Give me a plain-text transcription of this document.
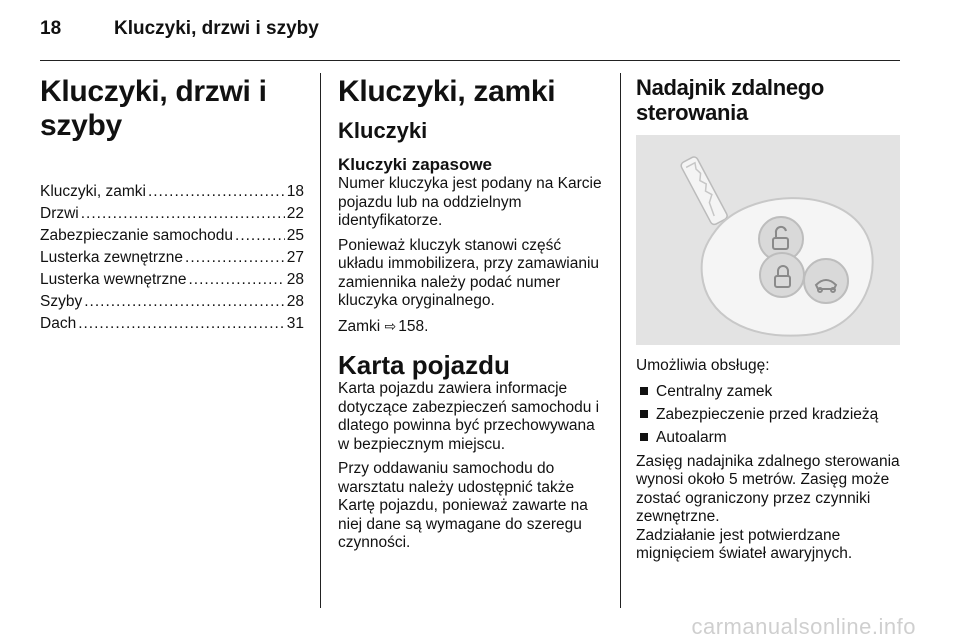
18	Kluczyki, drzwi i szyby
Kluczyki, drzwi i szyby
Kluczyki, zamki .....	18
Drzwi .....	22
Zabezpieczanie samochodu .....	25
Lusterka zewnętrzne .....	27
Lusterka wewnętrzne .....	28
Szyby .....	28
Dach .....	31
Kluczyki, zamki
Kluczyki
Kluczyki zapasowe

Numer kluczyka jest podany na Karcie pojazdu lub na oddzielnym identyfikatorze.

Ponieważ kluczyk stanowi część układu immobilizera, przy zamawianiu zamiennika należy podać numer kluczyka oryginalnego.

Zamki ⇨ 158.

Karta pojazdu

Karta pojazdu zawiera informacje dotyczące zabezpieczeń samochodu i dlatego powinna być przechowywana w bezpiecznym miejscu.

Przy oddawaniu samochodu do warsztatu należy udostępnić także Kartę pojazdu, ponieważ zawarte na niej dane są wymagane do szeregu czynności.

Nadajnik zdalnego sterowania

Umożliwia obsługę:

Centralny zamek
Zabezpieczenie przed kradzieżą
Autoalarm

Zasięg nadajnika zdalnego sterowania wynosi około 5 metrów. Zasięg może zostać ograniczony przez czynniki zewnętrzne.

Zadziałanie jest potwierdzane mignięciem świateł awaryjnych.

carmanualsonline.info
